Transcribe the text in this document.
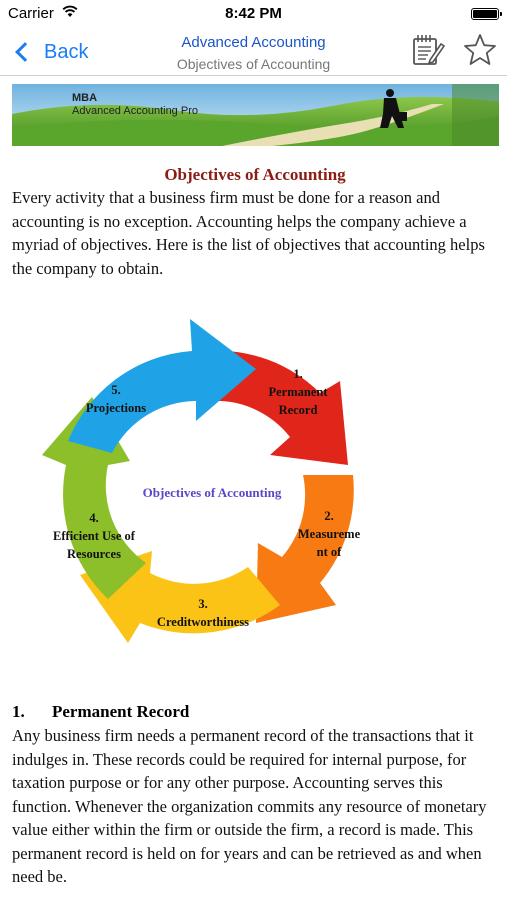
Carrier	8:42 PM
Back	Advanced Accounting
Objectives of Accounting
MBA
Advanced Accounting Pro
Objectives of Accounting

Every activity that a business firm must be done for a reason and accounting is no exception. Accounting helps the company achieve a myriad of objectives. Here is the list of objectives that accounting helps the company to obtain.

Objectives of Accounting
1.
Permanent
Record
2.
Measureme
nt of
3.
Creditworthiness
4.
Efficient Use of
Resources
5.
Projections
1. Permanent Record

Any business firm needs a permanent record of the transactions that it indulges in. These records could be required for internal purpose, for taxation purpose or for any other purpose. Accounting serves this function. Whenever the organization commits any resource of monetary value either within the firm or outside the firm, a record is made. This permanent record is held on for years and can be retrieved as and when need be.
